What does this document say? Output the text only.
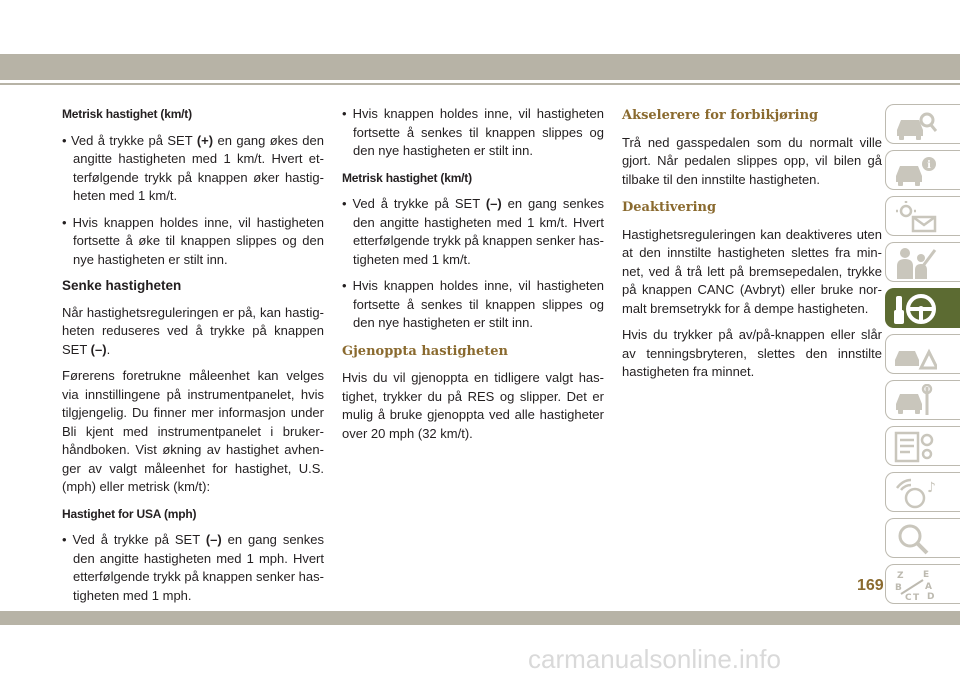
Metrisk hastighet (km/t)

• Ved å trykke på SET (+) en gang økes den angitte hastigheten med 1 km/t. Hvert etterfølgende trykk på knappen øker hastigheten med 1 km/t.

• Hvis knappen holdes inne, vil hastigheten fortsette å øke til knappen slippes og den nye hastigheten er stilt inn.

Senke hastigheten

Når hastighetsreguleringen er på, kan hastigheten reduseres ved å trykke på knappen SET (–).

Førerens foretrukne måleenhet kan velges via innstillingene på instrumentpanelet, hvis tilgjengelig. Du finner mer informasjon under Bli kjent med instrumentpanelet i brukerhåndboken. Vist økning av hastighet avhenger av valgt måleenhet for hastighet, U.S. (mph) eller metrisk (km/t):

Hastighet for USA (mph)

• Ved å trykke på SET (–) en gang senkes den angitte hastigheten med 1 mph. Hvert etterfølgende trykk på knappen senker hastigheten med 1 mph.

• Hvis knappen holdes inne, vil hastigheten fortsette å senkes til knappen slippes og den nye hastigheten er stilt inn.

Metrisk hastighet (km/t)

• Ved å trykke på SET (–) en gang senkes den angitte hastigheten med 1 km/t. Hvert etterfølgende trykk på knappen senker hastigheten med 1 km/t.

• Hvis knappen holdes inne, vil hastigheten fortsette å senkes til knappen slippes og den nye hastigheten er stilt inn.

Gjenoppta hastigheten

Hvis du vil gjenoppta en tidligere valgt hastighet, trykker du på RES og slipper. Det er mulig å bruke gjenoppta ved alle hastigheter over 20 mph (32 km/t).

Akselerere for forbikjøring

Trå ned gasspedalen som du normalt ville gjort. Når pedalen slippes opp, vil bilen gå tilbake til den innstilte hastigheten.

Deaktivering

Hastighetsreguleringen kan deaktiveres uten at den innstilte hastigheten slettes fra minnet, ved å trå lett på bremsepedalen, trykke på knappen CANC (Avbryt) eller bruke normalt bremsetrykk for å dempe hastigheten.

Hvis du trykker på av/på-knappen eller slår av tenningsbryteren, slettes den innstilte hastigheten fra minnet.

i
♪
Z E
B	A
C T D
169
carmanualsonline.info
